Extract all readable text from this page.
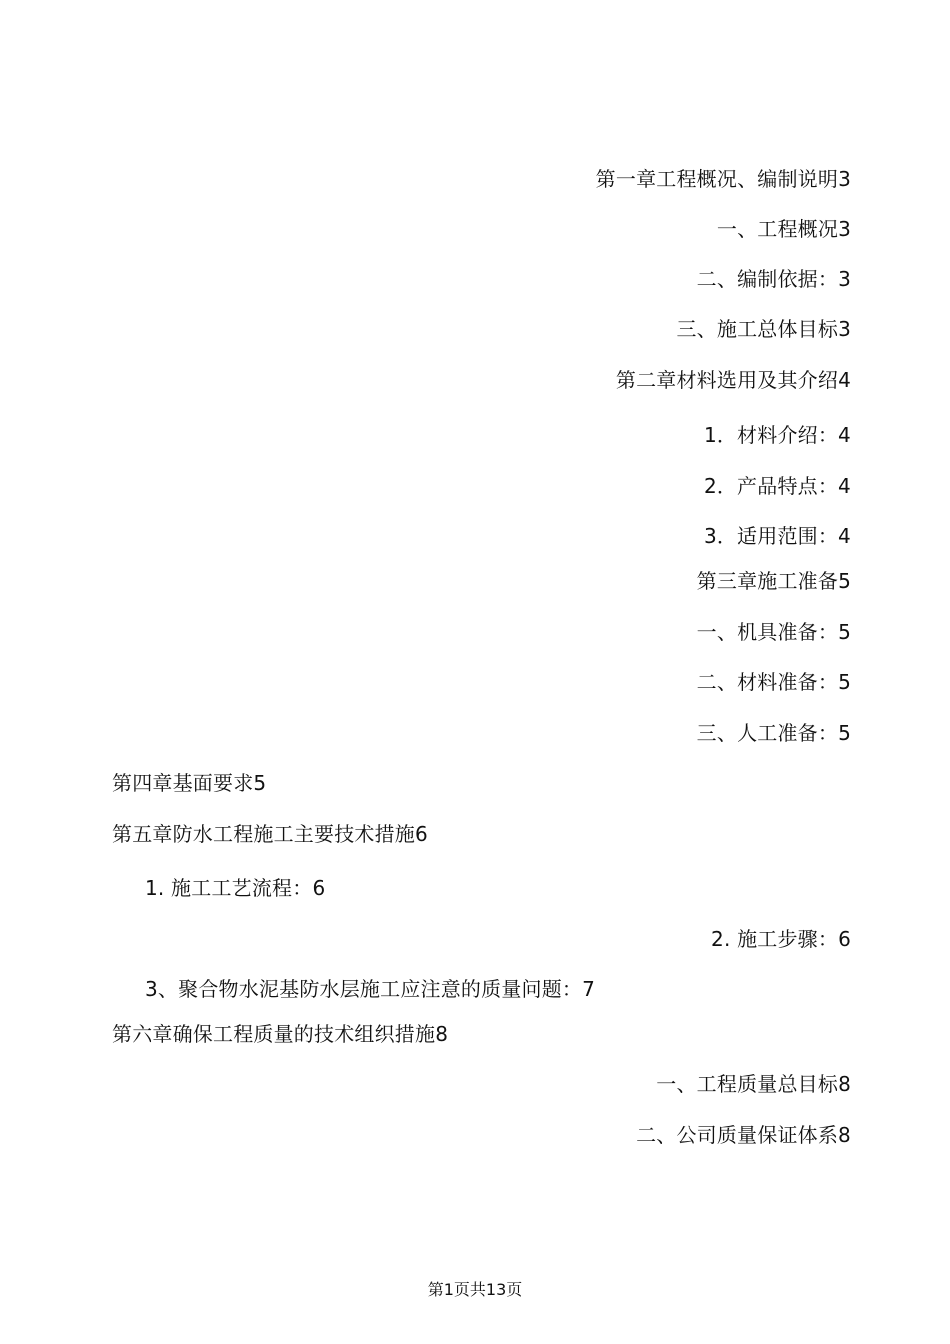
第一章工程概况、编制说明3
一、工程概况3
二、编制依据：3
三、施工总体目标3
第二章材料选用及其介绍4
1．材料介绍：4
2．产品特点：4
3．适用范围：4
第三章施工准备5
一、机具准备：5
二、材料准备：5
三、人工准备：5
第四章基面要求5
第五章防水工程施工主要技术措施6
1. 施工工艺流程：6
2. 施工步骤：6
3、聚合物水泥基防水层施工应注意的质量问题：7
第六章确保工程质量的技术组织措施8
一、工程质量总目标8
二、公司质量保证体系8
第1页共13页
